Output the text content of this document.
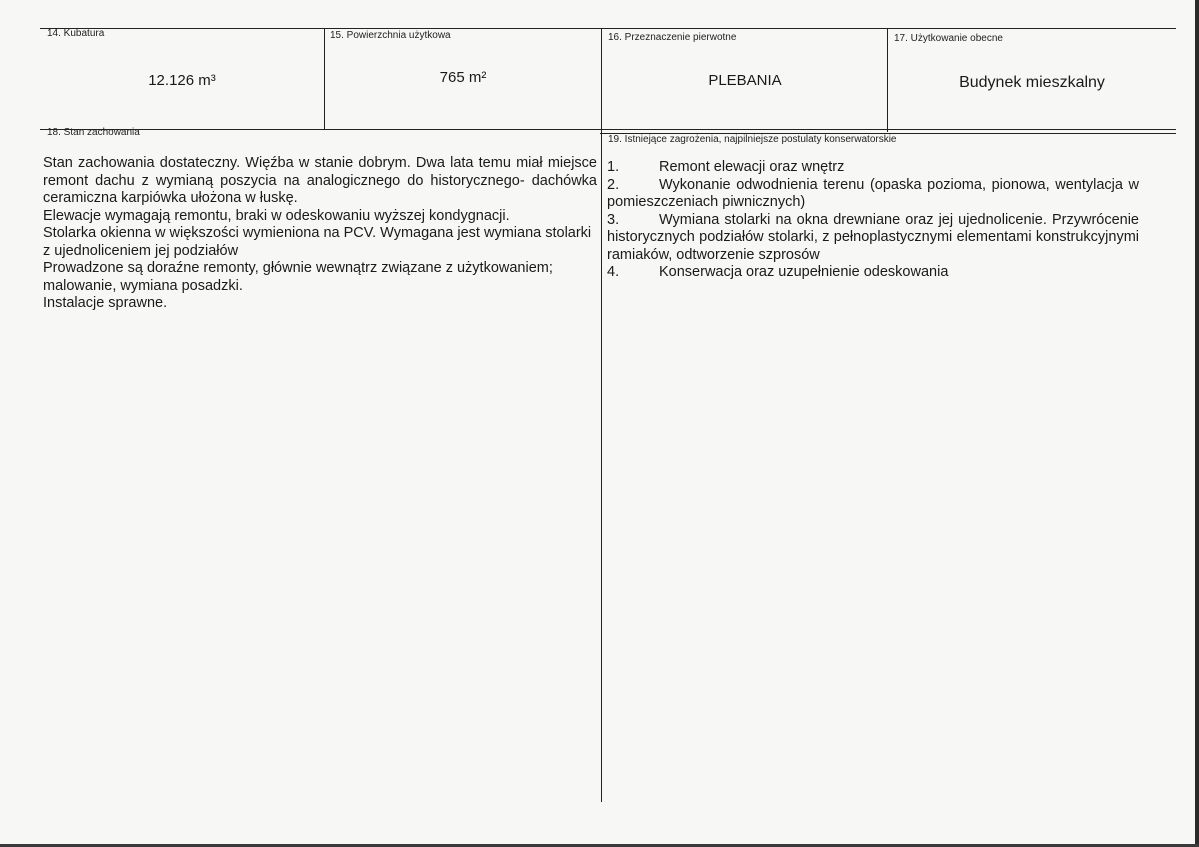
14. Kubatura
12.126 m³
15. Powierzchnia użytkowa
765 m²
16. Przeznaczenie pierwotne
PLEBANIA
17. Użytkowanie obecne
Budynek mieszkalny
18. Stan zachowania

Stan zachowania dostateczny. Więźba w stanie dobrym. Dwa lata temu miał miejsce remont dachu z wymianą poszycia na analogicznego do historycznego- dachówka ceramiczna karpiówka ułożona w łuskę.

Elewacje wymagają remontu, braki w odeskowaniu wyższej kondygnacji.

Stolarka okienna w większości wymieniona na PCV. Wymagana jest wymiana stolarki z ujednoliceniem jej podziałów

Prowadzone są doraźne remonty, głównie wewnątrz związane z użytkowaniem; malowanie, wymiana posadzki.

Instalacje sprawne.

19. Istniejące zagrożenia, najpilniejsze postulaty konserwatorskie
1.	Remont elewacji oraz wnętrz
2.	Wykonanie odwodnienia terenu (opaska pozioma, pionowa, wentylacja w pomieszczeniach piwnicznych)
3.	Wymiana stolarki na okna drewniane oraz jej ujednolicenie. Przywrócenie historycznych podziałów stolarki, z pełnoplastycznymi elementami konstrukcyjnymi ramiaków, odtworzenie szprosów
4.	Konserwacja oraz uzupełnienie odeskowania
